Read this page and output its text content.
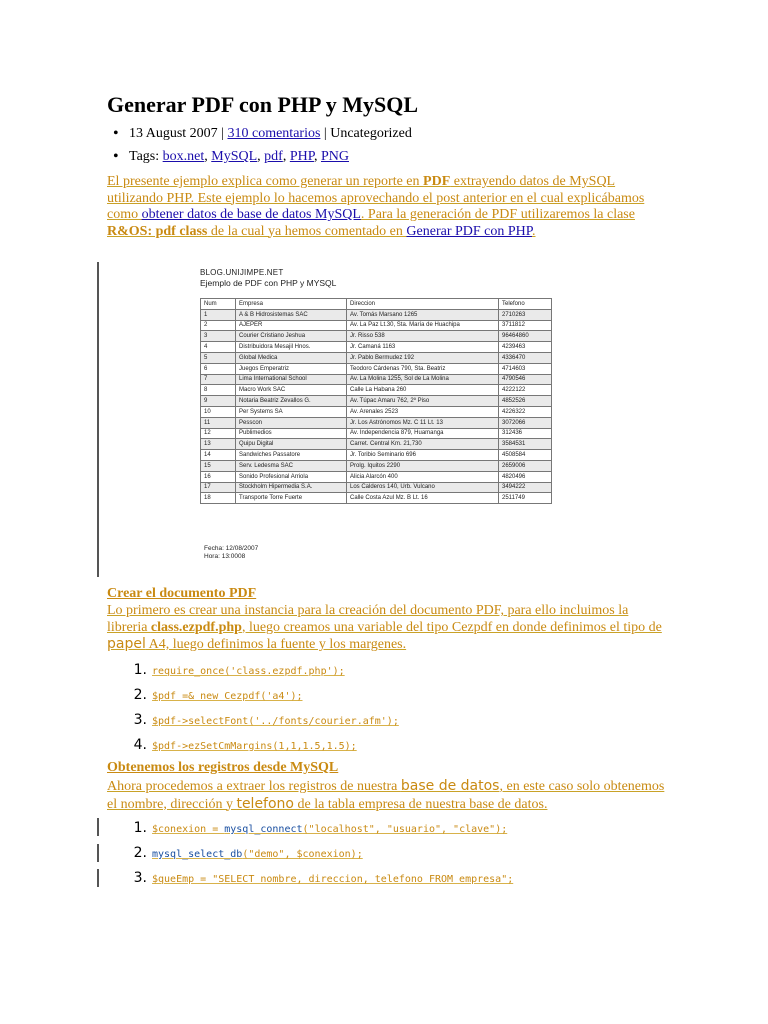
Generar PDF con PHP y MySQL
• 13 August 2007 | 310 comentarios | Uncategorized
• Tags: box.net, MySQL, pdf, PHP, PNG
El presente ejemplo explica como generar un reporte en PDF extrayendo datos de MySQL utilizando PHP. Este ejemplo lo hacemos aprovechando el post anterior en el cual explicábamos como obtener datos de base de datos MySQL. Para la generación de PDF utilizaremos la clase R&OS: pdf class de la cual ya hemos comentado en Generar PDF con PHP.
BLOG.UNIJIMPE.NET
Ejemplo de PDF con PHP y MYSQL
Num	Empresa	Direccion	Telefono
1	A & B Hidrosistemas SAC	Av. Tomás Marsano 1265	2710263
2	AJEPER	Av. La Paz Lt.30, Sta. María de Huachipa	3711812
3	Courier Cristiano Jeshua	Jr. Risso 538	96464860
4	Distribuidora Mesajil Hnos.	Jr. Camaná 1163	4239463
5	Global Medica	Jr. Pablo Bermudez 192	4336470
6	Juegos Emperatriz	Teodoro Cárdenas 790, Sta. Beatriz	4714603
7	Lima International School	Av. La Molina 1255, Sol de La Molina	4790546
8	Macro Work SAC	Calle La Habana 260	4222122
9	Notaria Beatriz Zevallos G.	Av. Túpac Amaru 762, 2º Piso	4852526
10	Per Systems SA	Av. Arenales 2523	4226322
11	Pesscon	Jr. Los Astrónomos Mz. C 11 Lt. 13	3072066
12	Publimedios	Av. Independencia 879, Huamanga	312436
13	Quipu Digital	Carret. Central Km. 21,730	3584531
14	Sandwiches Passatore	Jr. Toribio Seminario 696	4508584
15	Serv. Ledesma SAC	Prolg. Iquitos 2290	2659006
16	Sonido Profesional Arriola	Alicia Alarcón 400	4820496
17	Stockholm Hipermedia S.A.	Los Calderos 140, Urb. Vulcano	3494222
18	Transporte Torre Fuerte	Calle Costa Azul Mz. B Lt. 16	2511749
Fecha: 12/08/2007
Hora: 13:0008
Crear el documento PDF
Lo primero es crear una instancia para la creación del documento PDF, para ello incluimos la libreria class.ezpdf.php, luego creamos una variable del tipo Cezpdf en donde definimos el tipo de papel A4, luego definimos la fuente y los margenes.
1. require_once('class.ezpdf.php');
2. $pdf =& new Cezpdf('a4');
3. $pdf->selectFont('../fonts/courier.afm');
4. $pdf->ezSetCmMargins(1,1,1.5,1.5);
Obtenemos los registros desde MySQL
Ahora procedemos a extraer los registros de nuestra base de datos, en este caso solo obtenemos el nombre, dirección y telefono de la tabla empresa de nuestra base de datos.
1. $conexion = mysql_connect("localhost", "usuario", "clave");
2. mysql_select_db("demo", $conexion);
3. $queEmp = "SELECT nombre, direccion, telefono FROM empresa";
